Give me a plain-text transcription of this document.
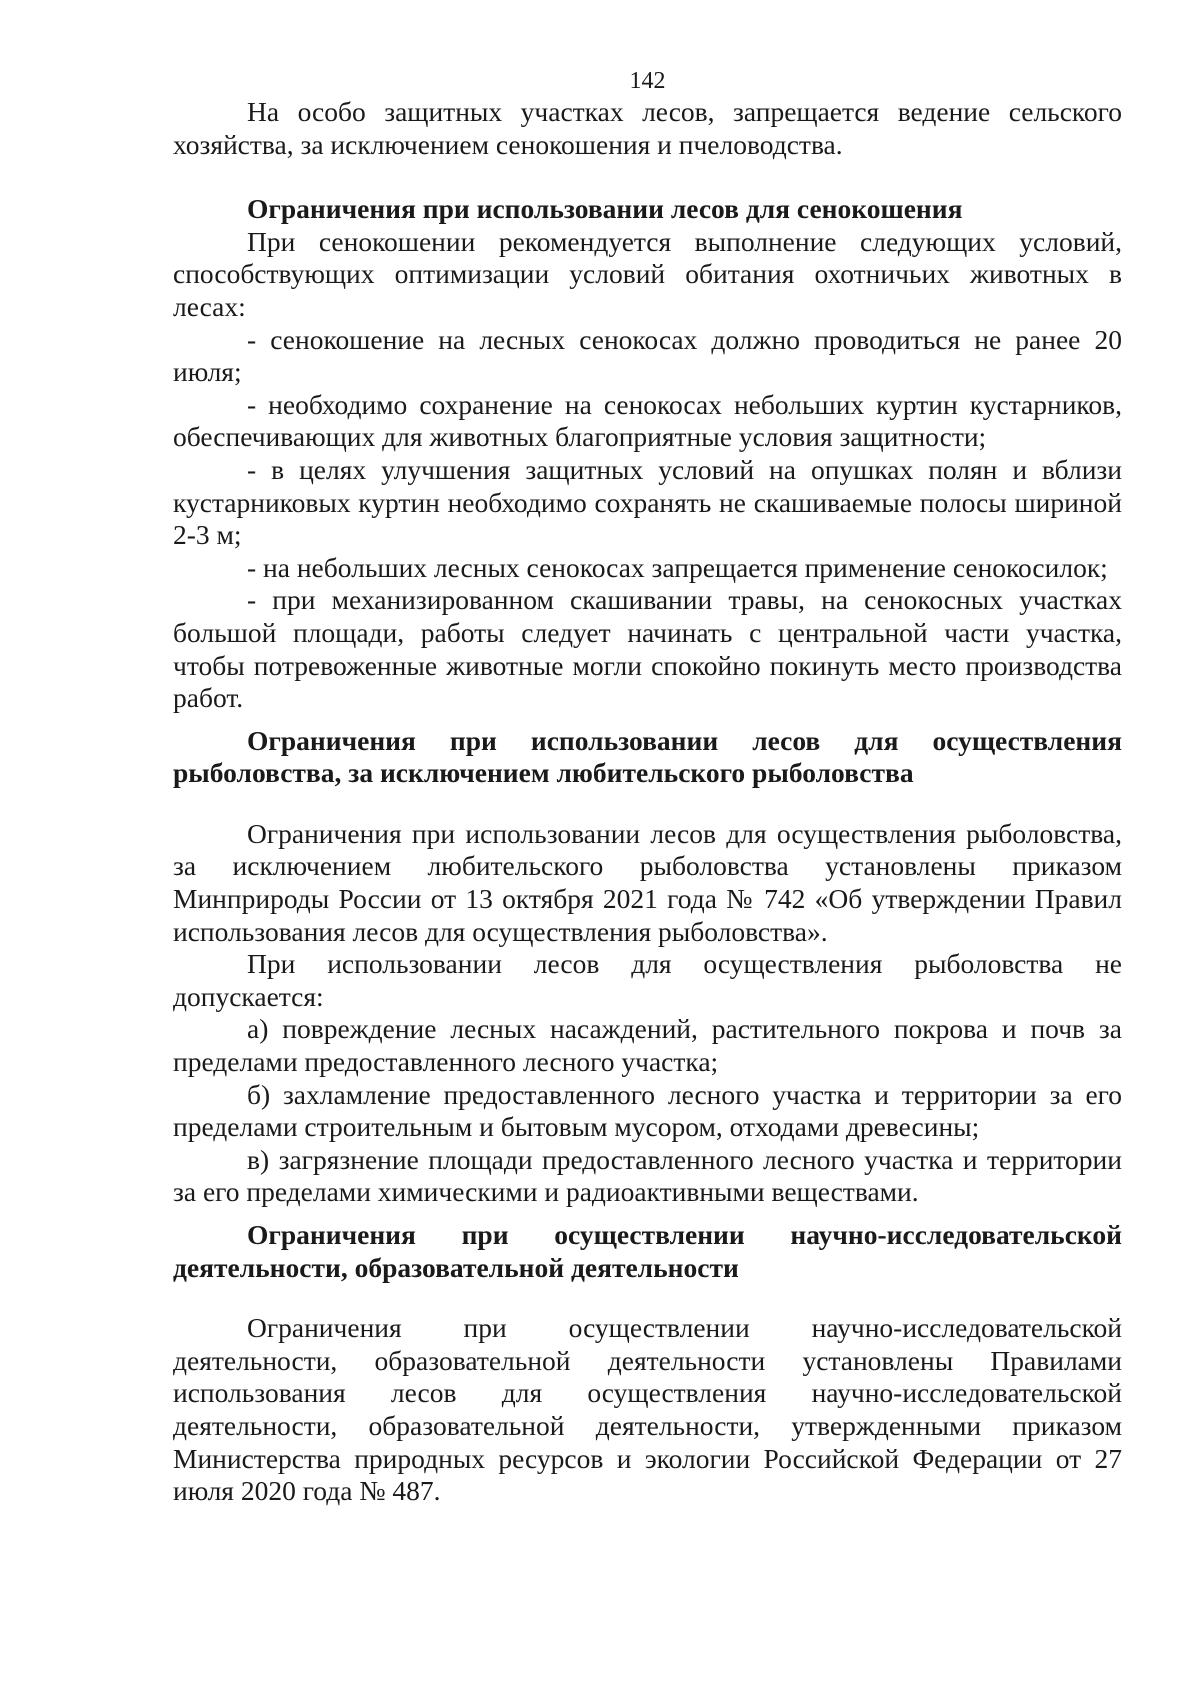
142

На особо защитных участках лесов, запрещается ведение сельского хозяйства, за исключением сенокошения и пчеловодства.

Ограничения при использовании лесов для сенокошения

При сенокошении рекомендуется выполнение следующих условий, способствующих оптимизации условий обитания охотничьих животных в лесах:

- сенокошение на лесных сенокосах должно проводиться не ранее 20 июля;

- необходимо сохранение на сенокосах небольших куртин кустарников, обеспечивающих для животных благоприятные условия защитности;

- в целях улучшения защитных условий на опушках полян и вблизи кустарниковых куртин необходимо сохранять не скашиваемые полосы шириной 2-3 м;

- на небольших лесных сенокосах запрещается применение сенокосилок;

- при механизированном скашивании травы, на сенокосных участках большой площади, работы следует начинать с центральной части участка, чтобы потревоженные животные могли спокойно покинуть место производства работ.

Ограничения при использовании лесов для осуществления рыболовства, за исключением любительского рыболовства

Ограничения при использовании лесов для осуществления рыболовства, за исключением любительского рыболовства установлены приказом Минприроды России от 13 октября 2021 года № 742 «Об утверждении Правил использования лесов для осуществления рыболовства».

При использовании лесов для осуществления рыболовства не допускается:

а) повреждение лесных насаждений, растительного покрова и почв за пределами предоставленного лесного участка;

б) захламление предоставленного лесного участка и территории за его пределами строительным и бытовым мусором, отходами древесины;

в) загрязнение площади предоставленного лесного участка и территории за его пределами химическими и радиоактивными веществами.

Ограничения при осуществлении научно-исследовательской деятельности, образовательной деятельности

Ограничения при осуществлении научно-исследовательской деятельности, образовательной деятельности установлены Правилами использования лесов для осуществления научно-исследовательской деятельности, образовательной деятельности, утвержденными приказом Министерства природных ресурсов и экологии Российской Федерации от 27 июля 2020 года № 487.
